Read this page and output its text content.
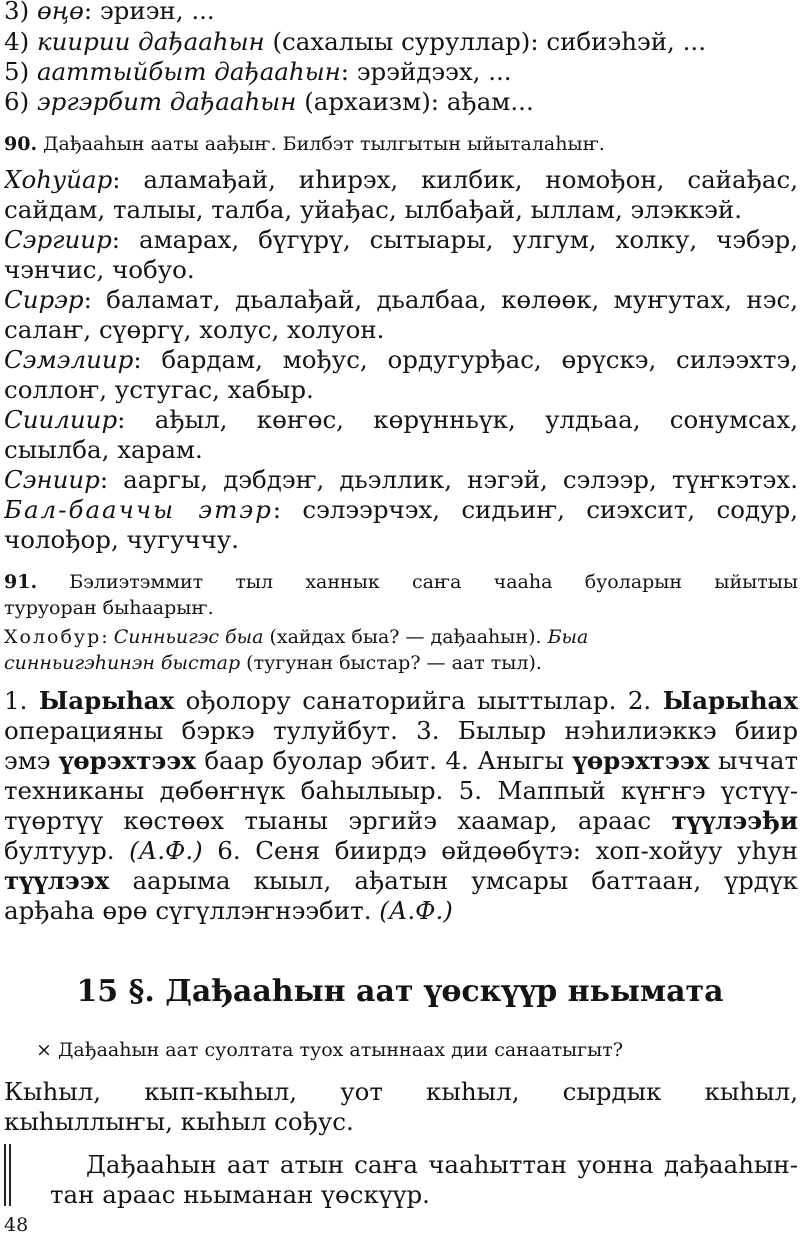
3) өңө: эриэн, ...
4) киирии дађааһын (сахалыы суруллар): сибиэһэй, ...
5) ааттыйбыт дађааһын: эрэйдээх, ...
6) эргэрбит дађааһын (архаизм): ађам...
90. Дађааһын ааты аађыҥ. Билбэт тылгытын ыйыталаһыҥ.
Хоһуйар: аламађай, иһирэх, килбик, номођон, сайађас,
сайдам, талыы, талба, уйађас, ылбађай, ыллам, элэккэй.
Сэргиир: амарах, бүгүрү, сытыары, улгум, холку, чэбэр,
чэнчис, чобуо.
Сирэр: баламат, дьалађай, дьалбаа, көлөөк, муҥутах, нэс,
салаҥ, сүөргү, холус, холуон.
Сэмэлиир: бардам, мођус, ордугурђас, өрүскэ, силээхтэ,
соллоҥ, устугас, хабыр.
Сиилиир: ађыл, көҥөс, көрүнньүк, улдьаа, сонумсах,
сыылба, харам.
Сэниир: ааргы, дэбдэҥ, дьэллик, нэгэй, сэлээр, түҥкэтэх.
Бал-бааччы этэр: сэлээрчэх, сидьиҥ, сиэхсит, содур,
чолођор, чугуччу.
91. Бэлиэтэммит тыл ханнык саҥа чааһа буоларын ыйытыы
туруоран быһаарыҥ.
Холобур: Синньигэс быа (хайдах быа? — дађааһын). Быа
синньигэһинэн быстар (тугунан быстар? — аат тыл).
1. Ыарыһах ођолору санаторийга ыыттылар. 2. Ыарыһах
операцияны бэркэ тулуйбут. 3. Былыр нэһилиэккэ биир
эмэ үөрэхтээх баар буолар эбит. 4. Аныгы үөрэхтээх ыччат
техниканы дөбөҥнүк баһылыыр. 5. Маппый күҥҥэ үстүү-
түөртүү көстөөх тыаны эргийэ хаамар, араас түүлээђи
бултуур. (А.Ф.) 6. Сеня биирдэ өйдөөбүтэ: хоп-хойуу уһун
түүлээх аарыма кыыл, ађатын умсары баттаан, үрдүк
арђаһа өрө сүгүллэҥнээбит. (А.Ф.)
15 §. Дађааһын аат үөскүүр ньымата
× Дађааһын аат суолтата туох атыннаах дии санаатыгыт?
Кыһыл, кып-кыһыл, уот кыһыл, сырдык кыһыл,
кыһыллыҥы, кыһыл сођус.
Дађааһын аат атын саҥа чааһыттан уонна дађааһын-
тан араас ньыманан үөскүүр.
48
